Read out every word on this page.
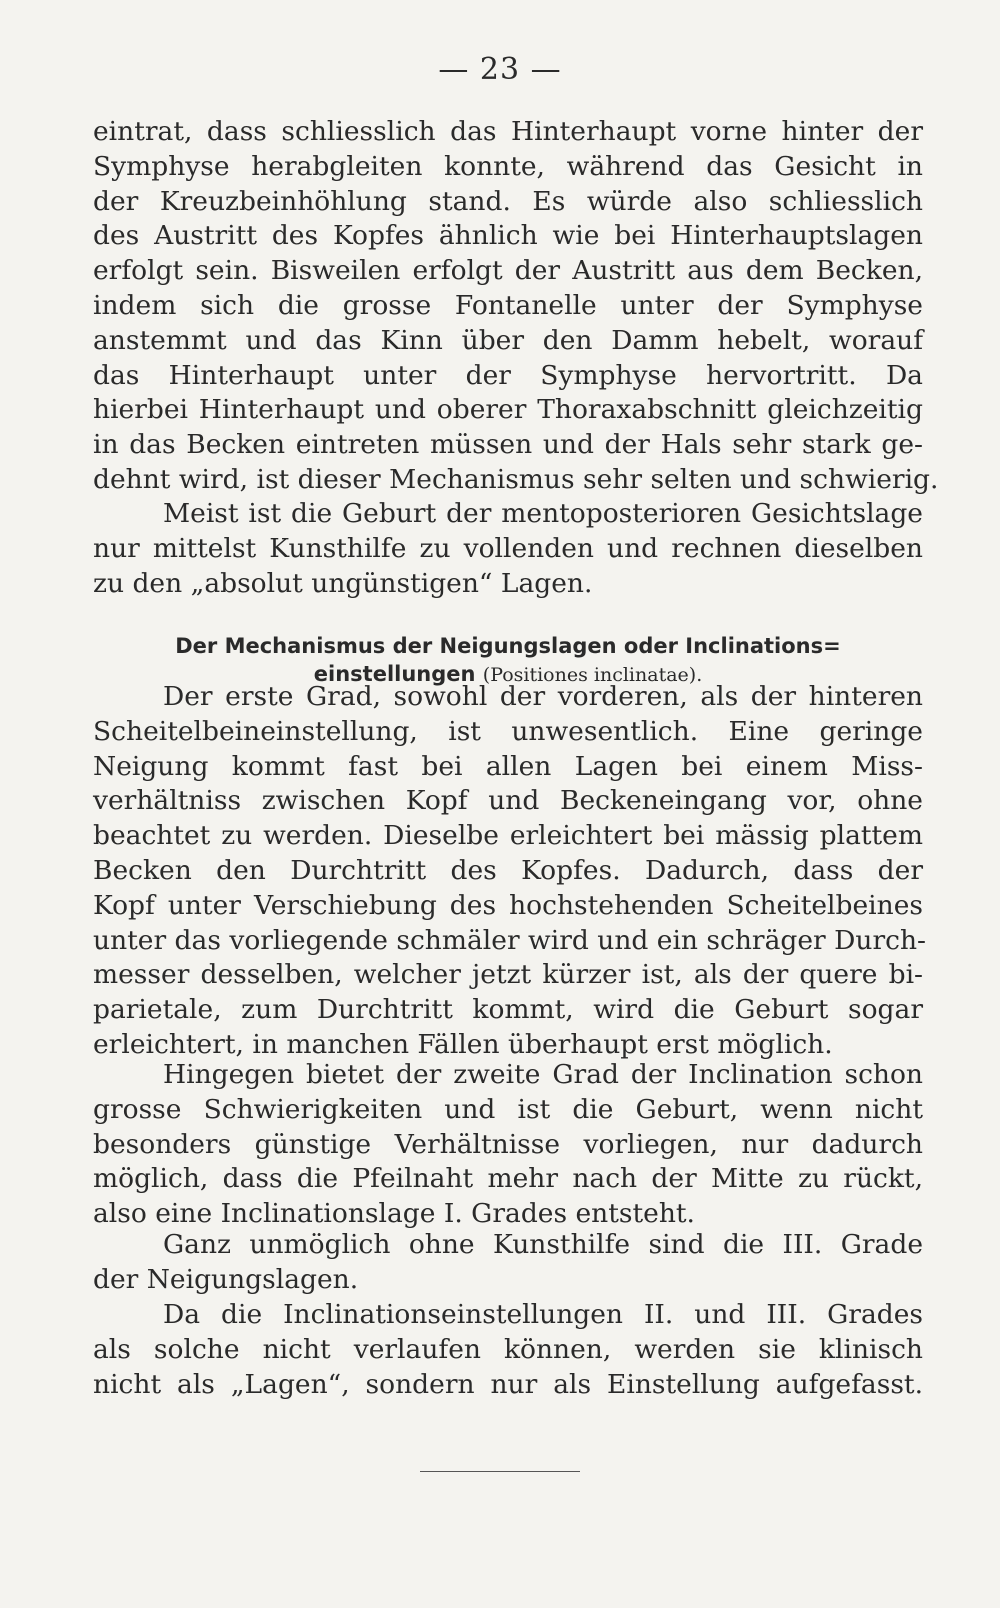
— 23 —
eintrat, dass schliesslich das Hinterhaupt vorne hinter der
Symphyse herabgleiten konnte, während das Gesicht in
der Kreuzbeinhöhlung stand. Es würde also schliesslich
des Austritt des Kopfes ähnlich wie bei Hinterhauptslagen
erfolgt sein. Bisweilen erfolgt der Austritt aus dem Becken,
indem sich die grosse Fontanelle unter der Symphyse
anstemmt und das Kinn über den Damm hebelt, worauf
das Hinterhaupt unter der Symphyse hervortritt. Da
hierbei Hinterhaupt und oberer Thoraxabschnitt gleichzeitig
in das Becken eintreten müssen und der Hals sehr stark ge-
dehnt wird, ist dieser Mechanismus sehr selten und schwierig.
Meist ist die Geburt der mentoposterioren Gesichtslage
nur mittelst Kunsthilfe zu vollenden und rechnen dieselben
zu den „absolut ungünstigen“ Lagen.
Der Mechanismus der Neigungslagen oder Inclinations=
einstellungen (Positiones inclinatae).
Der erste Grad, sowohl der vorderen, als der hinteren
Scheitelbeineinstellung, ist unwesentlich. Eine geringe
Neigung kommt fast bei allen Lagen bei einem Miss-
verhältniss zwischen Kopf und Beckeneingang vor, ohne
beachtet zu werden. Dieselbe erleichtert bei mässig plattem
Becken den Durchtritt des Kopfes. Dadurch, dass der
Kopf unter Verschiebung des hochstehenden Scheitelbeines
unter das vorliegende schmäler wird und ein schräger Durch-
messer desselben, welcher jetzt kürzer ist, als der quere bi-
parietale, zum Durchtritt kommt, wird die Geburt sogar
erleichtert, in manchen Fällen überhaupt erst möglich.
Hingegen bietet der zweite Grad der Inclination schon
grosse Schwierigkeiten und ist die Geburt, wenn nicht
besonders günstige Verhältnisse vorliegen, nur dadurch
möglich, dass die Pfeilnaht mehr nach der Mitte zu rückt,
also eine Inclinationslage I. Grades entsteht.
Ganz unmöglich ohne Kunsthilfe sind die III. Grade
der Neigungslagen.
Da die Inclinationseinstellungen II. und III. Grades
als solche nicht verlaufen können, werden sie klinisch
nicht als „Lagen“, sondern nur als Einstellung aufgefasst.
